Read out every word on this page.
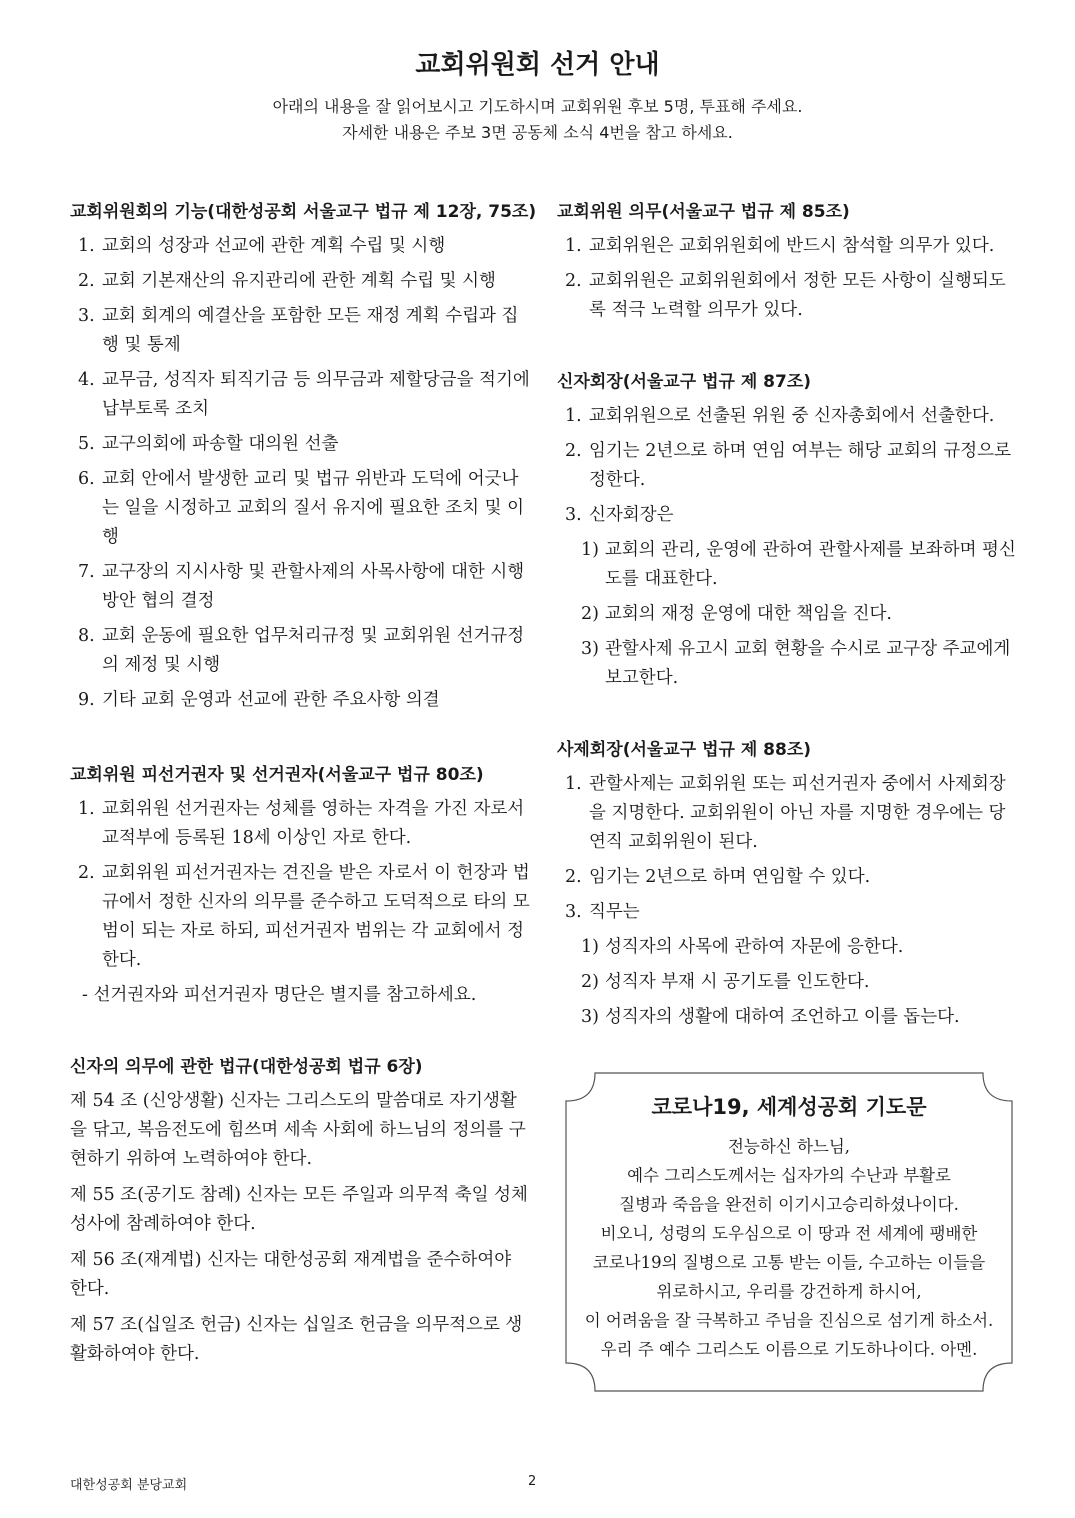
교회위원회 선거 안내
아래의 내용을 잘 읽어보시고 기도하시며 교회위원 후보 5명, 투표해 주세요.
자세한 내용은 주보 3면 공동체 소식 4번을 참고 하세요.
교회위원회의 기능(대한성공회 서울교구 법규 제 12장, 75조)
1. 교회의 성장과 선교에 관한 계획 수립 및 시행
2. 교회 기본재산의 유지관리에 관한 계획 수립 및 시행
3. 교회 회계의 예결산을 포함한 모든 재정 계획 수립과 집행 및 통제
4. 교무금, 성직자 퇴직기금 등 의무금과 제할당금을 적기에 납부토록 조치
5. 교구의회에 파송할 대의원 선출
6. 교회 안에서 발생한 교리 및 법규 위반과 도덕에 어긋나는 일을 시정하고 교회의 질서 유지에 필요한 조치 및 이행
7. 교구장의 지시사항 및 관할사제의 사목사항에 대한 시행방안 협의 결정
8. 교회 운동에 필요한 업무처리규정 및 교회위원 선거규정의 제정 및 시행
9. 기타 교회 운영과 선교에 관한 주요사항 의결
교회위원 피선거권자 및 선거권자(서울교구 법규 80조)
1. 교회위원 선거권자는 성체를 영하는 자격을 가진 자로서 교적부에 등록된 18세 이상인 자로 한다.
2. 교회위원 피선거권자는 견진을 받은 자로서 이 헌장과 법규에서 정한 신자의 의무를 준수하고 도덕적으로 타의 모범이 되는 자로 하되, 피선거권자 범위는 각 교회에서 정한다.
- 선거권자와 피선거권자 명단은 별지를 참고하세요.
신자의 의무에 관한 법규(대한성공회 법규 6장)
제 54 조 (신앙생활) 신자는 그리스도의 말씀대로 자기생활을 닦고, 복음전도에 힘쓰며 세속 사회에 하느님의 정의를 구현하기 위하여 노력하여야 한다.
제 55 조(공기도 참례) 신자는 모든 주일과 의무적 축일 성체성사에 참례하여야 한다.
제 56 조(재계법) 신자는 대한성공회 재계법을 준수하여야 한다.
제 57 조(십일조 헌금) 신자는 십일조 헌금을 의무적으로 생활화하여야 한다.
교회위원 의무(서울교구 법규 제 85조)
1. 교회위원은 교회위원회에 반드시 참석할 의무가 있다.
2. 교회위원은 교회위원회에서 정한 모든 사항이 실행되도록 적극 노력할 의무가 있다.
신자회장(서울교구 법규 제 87조)
1. 교회위원으로 선출된 위원 중 신자총회에서 선출한다.
2. 임기는 2년으로 하며 연임 여부는 해당 교회의 규정으로 정한다.
3. 신자회장은
1) 교회의 관리, 운영에 관하여 관할사제를 보좌하며 평신도를 대표한다.
2) 교회의 재정 운영에 대한 책임을 진다.
3) 관할사제 유고시 교회 현황을 수시로 교구장 주교에게 보고한다.
사제회장(서울교구 법규 제 88조)
1. 관할사제는 교회위원 또는 피선거권자 중에서 사제회장을 지명한다. 교회위원이 아닌 자를 지명한 경우에는 당연직 교회위원이 된다.
2. 임기는 2년으로 하며 연임할 수 있다.
3. 직무는
1) 성직자의 사목에 관하여 자문에 응한다.
2) 성직자 부재 시 공기도를 인도한다.
3) 성직자의 생활에 대하여 조언하고 이를 돕는다.
코로나19, 세계성공회 기도문
전능하신 하느님,
예수 그리스도께서는 십자가의 수난과 부활로
질병과 죽음을 완전히 이기시고승리하셨나이다.
비오니, 성령의 도우심으로 이 땅과 전 세계에 팽배한
코로나19의 질병으로 고통 받는 이들, 수고하는 이들을
위로하시고, 우리를 강건하게 하시어,
이 어려움을 잘 극복하고 주님을 진심으로 섬기게 하소서.
우리 주 예수 그리스도 이름으로 기도하나이다. 아멘.
대한성공회 분당교회	2
